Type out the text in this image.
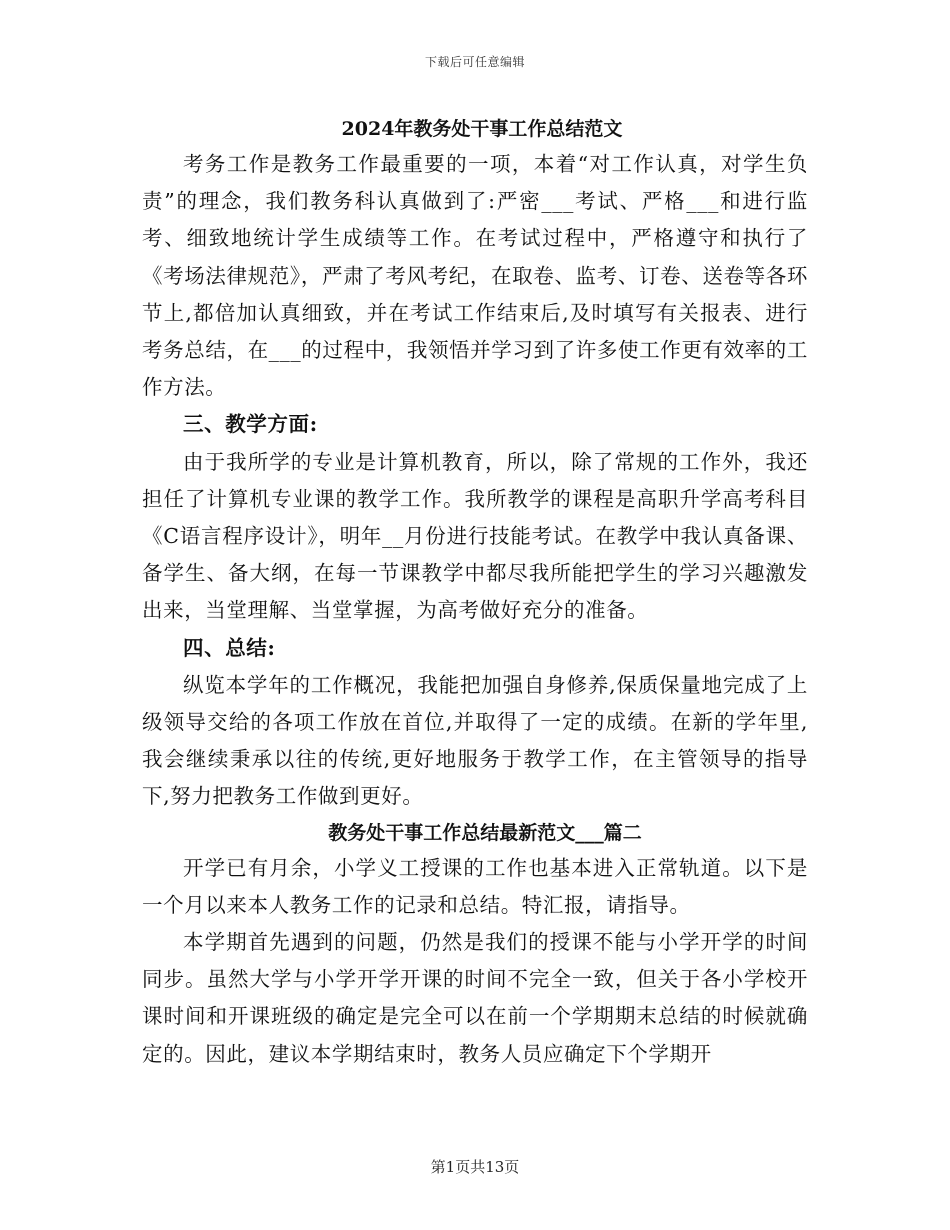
下载后可任意编辑
2024年教务处干事工作总结范文

考务工作是教务工作最重要的一项，本着“对工作认真，对学生负责”的理念，我们教务科认真做到了:严密___考试、严格___和进行监考、细致地统计学生成绩等工作。在考试过程中，严格遵守和执行了《考场法律规范》，严肃了考风考纪，在取卷、监考、订卷、送卷等各环节上,都倍加认真细致，并在考试工作结束后,及时填写有关报表、进行考务总结，在___的过程中，我领悟并学习到了许多使工作更有效率的工作方法。

三、教学方面:

由于我所学的专业是计算机教育，所以，除了常规的工作外，我还担任了计算机专业课的教学工作。我所教学的课程是高职升学高考科目《C语言程序设计》，明年__月份进行技能考试。在教学中我认真备课、备学生、备大纲，在每一节课教学中都尽我所能把学生的学习兴趣激发出来，当堂理解、当堂掌握，为高考做好充分的准备。

四、总结:

纵览本学年的工作概况，我能把加强自身修养,保质保量地完成了上级领导交给的各项工作放在首位,并取得了一定的成绩。在新的学年里,我会继续秉承以往的传统,更好地服务于教学工作，在主管领导的指导下,努力把教务工作做到更好。

教务处干事工作总结最新范文___篇二

开学已有月余，小学义工授课的工作也基本进入正常轨道。以下是一个月以来本人教务工作的记录和总结。特汇报，请指导。

本学期首先遇到的问题，仍然是我们的授课不能与小学开学的时间同步。虽然大学与小学开学开课的时间不完全一致，但关于各小学校开课时间和开课班级的确定是完全可以在前一个学期期末总结的时候就确定的。因此，建议本学期结束时，教务人员应确定下个学期开

第1页共13页
